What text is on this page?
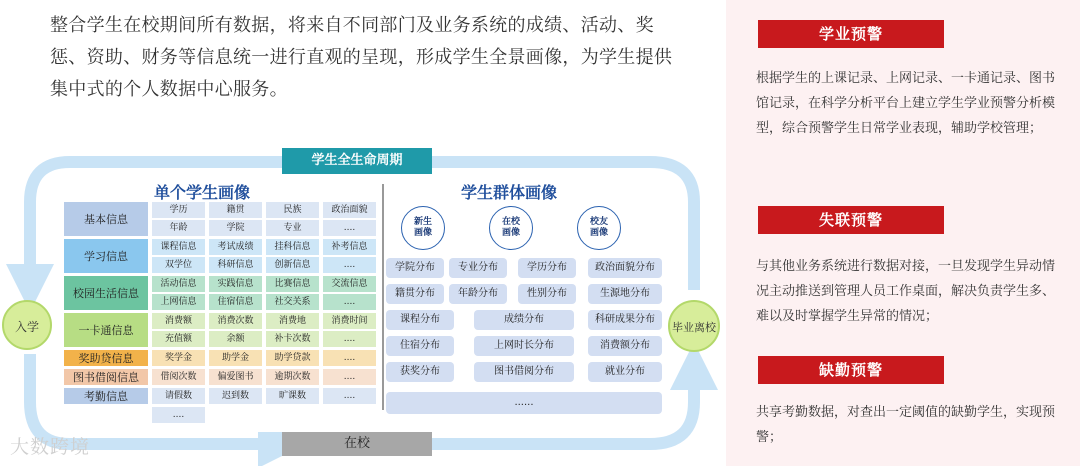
整合学生在校期间所有数据，将来自不同部门及业务系统的成绩、活动、奖惩、资助、财务等信息统一进行直观的呈现，形成学生全景画像，为学生提供集中式的个人数据中心服务。

学生全生命周期
入学	毕业离校
在校
单个学生画像	学生群体画像
基本信息
学历	籍贯	民族	政治面貌
年龄	学院	专业	....
学习信息
课程信息	考试成绩	挂科信息	补考信息
双学位	科研信息	创新信息	....
校园生活信息
活动信息	实践信息	比赛信息	交流信息
上网信息	住宿信息	社交关系	....
一卡通信息
消费额	消费次数	消费地	消费时间
充值额	余额	补卡次数	....
奖助贷信息	奖学金	助学金	助学贷款	....
图书借阅信息	借阅次数	偏爱图书	逾期次数	....
考勤信息	请假数	迟到数	旷课数	....
....
新生
画像
在校
画像
校友
画像
学院分布	专业分布	学历分布	政治面貌分布
籍贯分布	年龄分布	性别分布	生源地分布
课程分布	成绩分布	科研成果分布
住宿分布	上网时长分布	消费额分布
获奖分布	图书借阅分布	就业分布
......
学业预警
根据学生的上课记录、上网记录、一卡通记录、图书馆记录，在科学分析平台上建立学生学业预警分析模型，综合预警学生日常学业表现，辅助学校管理；
失联预警
与其他业务系统进行数据对接，一旦发现学生异动情况主动推送到管理人员工作桌面，解决负责学生多、难以及时掌握学生异常的情况；
缺勤预警
共享考勤数据，对查出一定阈值的缺勤学生，实现预警；
大数跨境
